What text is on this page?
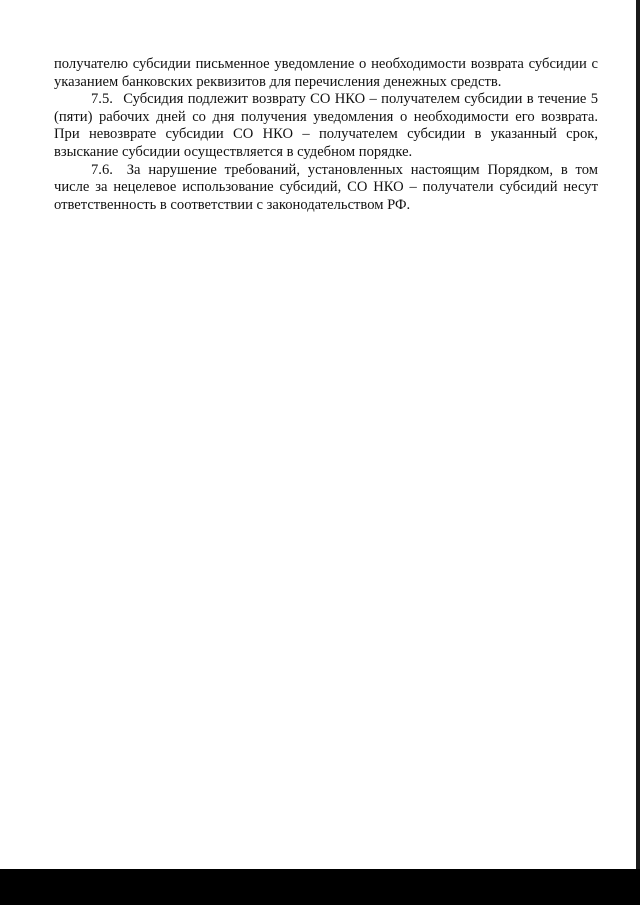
получателю субсидии письменное уведомление о необходимости возврата субсидии с указанием банковских реквизитов для перечисления денежных средств.

7.5. Субсидия подлежит возврату СО НКО – получателем субсидии в течение 5 (пяти) рабочих дней со дня получения уведомления о необходимости его возврата. При невозврате субсидии СО НКО – получателем субсидии в указанный срок, взыскание субсидии осуществляется в судебном порядке.

7.6. За нарушение требований, установленных настоящим Порядком, в том числе за нецелевое использование субсидий, СО НКО – получатели субсидий несут ответственность в соответствии с законодательством РФ.
